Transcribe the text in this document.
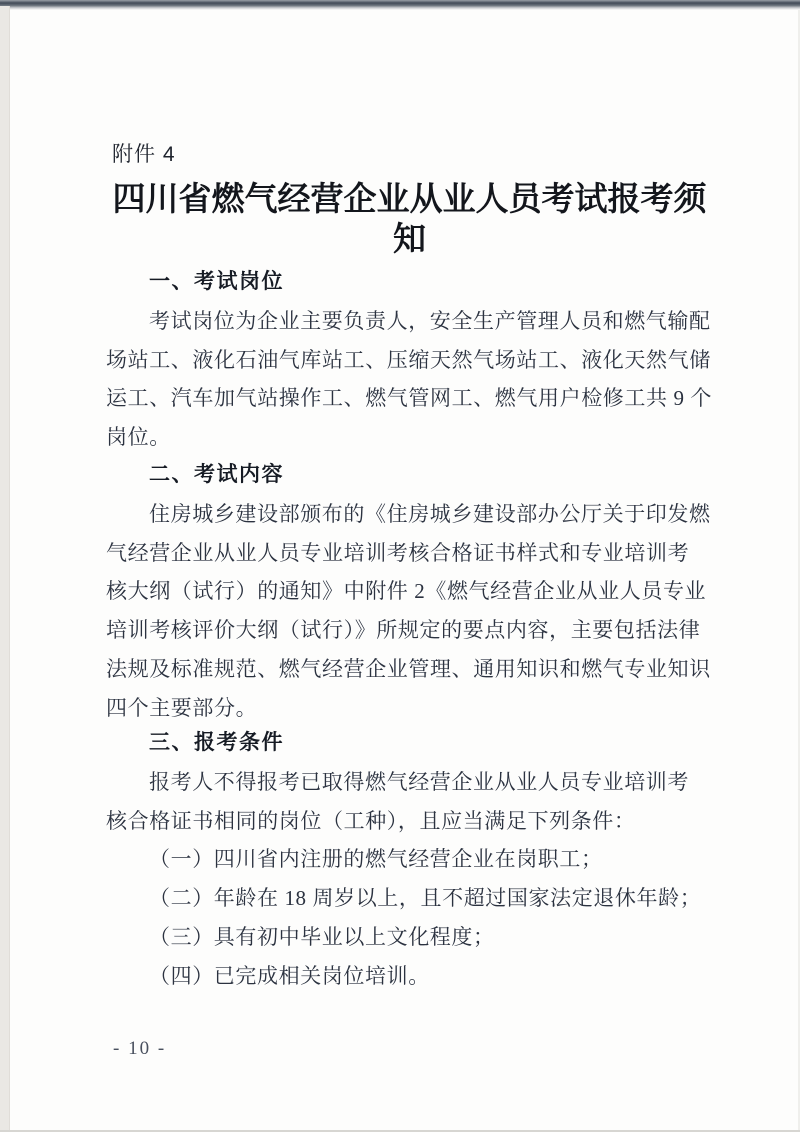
附件 4
四川省燃气经营企业从业人员考试报考须知
一、考试岗位

考试岗位为企业主要负责人，安全生产管理人员和燃气输配
场站工、液化石油气库站工、压缩天然气场站工、液化天然气储
运工、汽车加气站操作工、燃气管网工、燃气用户检修工共 9 个
岗位。

二、考试内容

住房城乡建设部颁布的《住房城乡建设部办公厅关于印发燃
气经营企业从业人员专业培训考核合格证书样式和专业培训考
核大纲（试行）的通知》中附件 2《燃气经营企业从业人员专业
培训考核评价大纲（试行）》所规定的要点内容，主要包括法律
法规及标准规范、燃气经营企业管理、通用知识和燃气专业知识
四个主要部分。

三、报考条件

报考人不得报考已取得燃气经营企业从业人员专业培训考
核合格证书相同的岗位（工种），且应当满足下列条件：

（一）四川省内注册的燃气经营企业在岗职工；

（二）年龄在 18 周岁以上，且不超过国家法定退休年龄；

（三）具有初中毕业以上文化程度；

（四）已完成相关岗位培训。

- 10 -
